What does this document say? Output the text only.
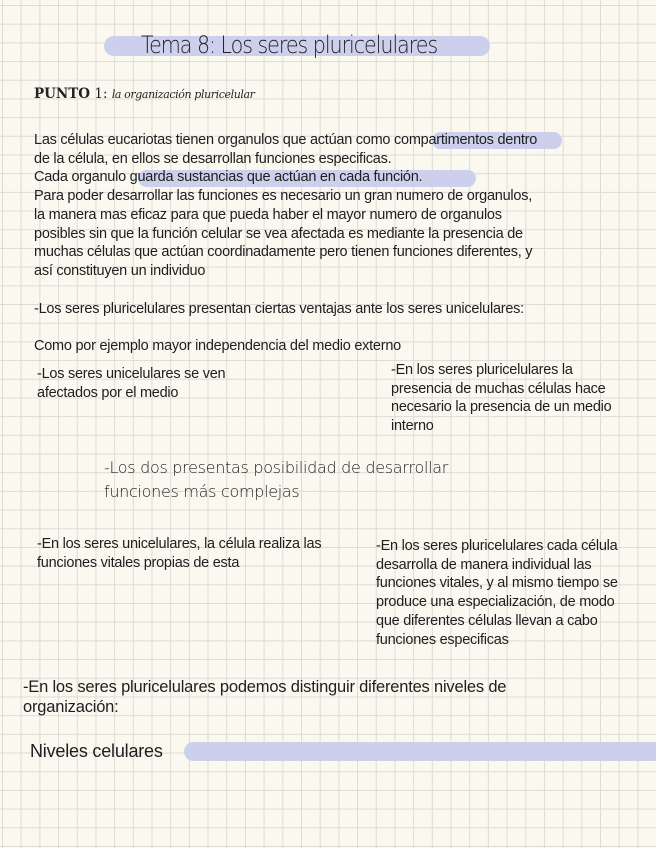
Tema 8: Los seres pluricelulares
PUNTO 1: la organización pluricelular
Las células eucariotas tienen organulos que actúan como compartimentos dentro
de la célula, en ellos se desarrollan funciones especificas.
Cada organulo guarda sustancias que actúan en cada función.
Para poder desarrollar las funciones es necesario un gran numero de organulos,
la manera mas eficaz para que pueda haber el mayor numero de organulos
posibles sin que la función celular se vea afectada es mediante la presencia de
muchas células que actúan coordinadamente pero tienen funciones diferentes, y
así constituyen un individuo
-Los seres pluricelulares presentan ciertas ventajas ante los seres unicelulares:
Como por ejemplo mayor independencia del medio externo
-Los seres unicelulares se ven afectados por el medio
-En los seres pluricelulares la presencia de muchas células hace necesario la presencia de un medio interno
-Los dos presentas posibilidad de desarrollar funciones más complejas
-En los seres unicelulares, la célula realiza las funciones vitales propias de esta
-En los seres pluricelulares cada célula desarrolla de manera individual las funciones vitales, y al mismo tiempo se produce una especialización, de modo que diferentes células llevan a cabo funciones especificas
-En los seres pluricelulares podemos distinguir diferentes niveles de organización:
Niveles celulares
